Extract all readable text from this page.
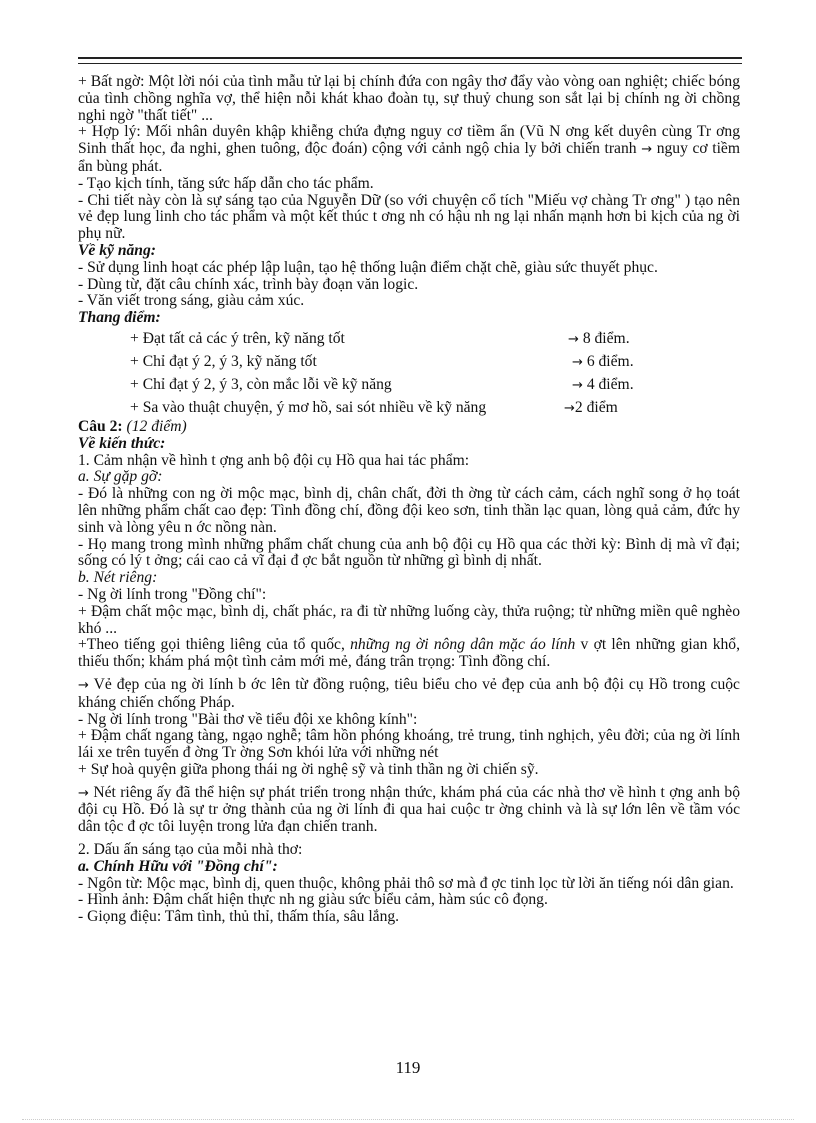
+ Bất ngờ: Một lời nói của tình mẫu tử lại bị chính đứa con ngây thơ đẩy vào vòng oan nghiệt; chiếc bóng của tình chồng nghĩa vợ, thể hiện nỗi khát khao đoàn tụ, sự thuỷ chung son sắt lại bị chính ng ời chồng nghi ngờ "thất tiết" ...

+ Hợp lý: Mối nhân duyên khập khiễng chứa đựng nguy cơ tiềm ẩn (Vũ N ơng kết duyên cùng Tr ơng Sinh thất học, đa nghi, ghen tuông, độc đoán) cộng với cảnh ngộ chia ly bởi chiến tranh → nguy cơ tiềm ẩn bùng phát.

- Tạo kịch tính, tăng sức hấp dẫn cho tác phẩm.

- Chi tiết này còn là sự sáng tạo của Nguyễn Dữ (so với chuyện cổ tích "Miếu vợ chàng Tr ơng" ) tạo nên vẻ đẹp lung linh cho tác phẩm và một kết thúc t ơng nh có hậu nh ng lại nhấn mạnh hơn bi kịch của ng ời phụ nữ.

Về kỹ năng:

- Sử dụng linh hoạt các phép lập luận, tạo hệ thống luận điểm chặt chẽ, giàu sức thuyết phục.

- Dùng từ, đặt câu chính xác, trình bày đoạn văn logic.

- Văn viết trong sáng, giàu cảm xúc.

Thang điểm:

+ Đạt tất cả các ý trên, kỹ năng tốt	→ 8 điểm.
+ Chỉ đạt ý 2, ý 3, kỹ năng tốt	→ 6 điểm.
+ Chỉ đạt ý 2, ý 3, còn mắc lỗi về kỹ năng	→ 4 điểm.
+ Sa vào thuật chuyện, ý mơ hồ, sai sót nhiều về kỹ năng	→2 điểm

Câu 2: (12 điểm)

Về kiến thức:

1. Cảm nhận về hình t ợng anh bộ đội cụ Hồ qua hai tác phẩm:

a. Sự gặp gỡ:

- Đó là những con ng ời mộc mạc, bình dị, chân chất, đời th ờng từ cách cảm, cách nghĩ song ở họ toát lên những phẩm chất cao đẹp: Tình đồng chí, đồng đội keo sơn, tinh thần lạc quan, lòng quả cảm, đức hy sinh và lòng yêu n ớc nồng nàn.

- Họ mang trong mình những phẩm chất chung của anh bộ đội cụ Hồ qua các thời kỳ: Bình dị mà vĩ đại; sống có lý t ởng; cái cao cả vĩ đại đ ợc bắt nguồn từ những gì bình dị nhất.

b. Nét riêng:

- Ng ời lính trong "Đồng chí":

+ Đậm chất mộc mạc, bình dị, chất phác, ra đi từ những luống cày, thửa ruộng; từ những miền quê nghèo khó ...

+Theo tiếng gọi thiêng liêng của tổ quốc, những ng ời nông dân mặc áo lính v ợt lên những gian khổ, thiếu thốn; khám phá một tình cảm mới mẻ, đáng trân trọng: Tình đồng chí.

→ Vẻ đẹp của ng ời lính b ớc lên từ đồng ruộng, tiêu biểu cho vẻ đẹp của anh bộ đội cụ Hồ trong cuộc kháng chiến chống Pháp.

- Ng ời lính trong "Bài thơ về tiểu đội xe không kính":

+ Đậm chất ngang tàng, ngạo nghễ; tâm hồn phóng khoáng, trẻ trung, tinh nghịch, yêu đời; của ng ời lính lái xe trên tuyến đ ờng Tr ờng Sơn khói lửa với những nét

+ Sự hoà quyện giữa phong thái ng ời nghệ sỹ và tinh thần ng ời chiến sỹ.

→ Nét riêng ấy đã thể hiện sự phát triển trong nhận thức, khám phá của các nhà thơ về hình t ợng anh bộ đội cụ Hồ. Đó là sự tr ởng thành của ng ời lính đi qua hai cuộc tr ờng chinh và là sự lớn lên về tầm vóc dân tộc đ ợc tôi luyện trong lửa đạn chiến tranh.

2. Dấu ấn sáng tạo của mỗi nhà thơ:

a. Chính Hữu với "Đồng chí":

- Ngôn từ: Mộc mạc, bình dị, quen thuộc, không phải thô sơ mà đ ợc tinh lọc từ lời ăn tiếng nói dân gian.

- Hình ảnh: Đậm chất hiện thực nh ng giàu sức biểu cảm, hàm súc cô đọng.

- Giọng điệu: Tâm tình, thủ thỉ, thấm thía, sâu lắng.

119
